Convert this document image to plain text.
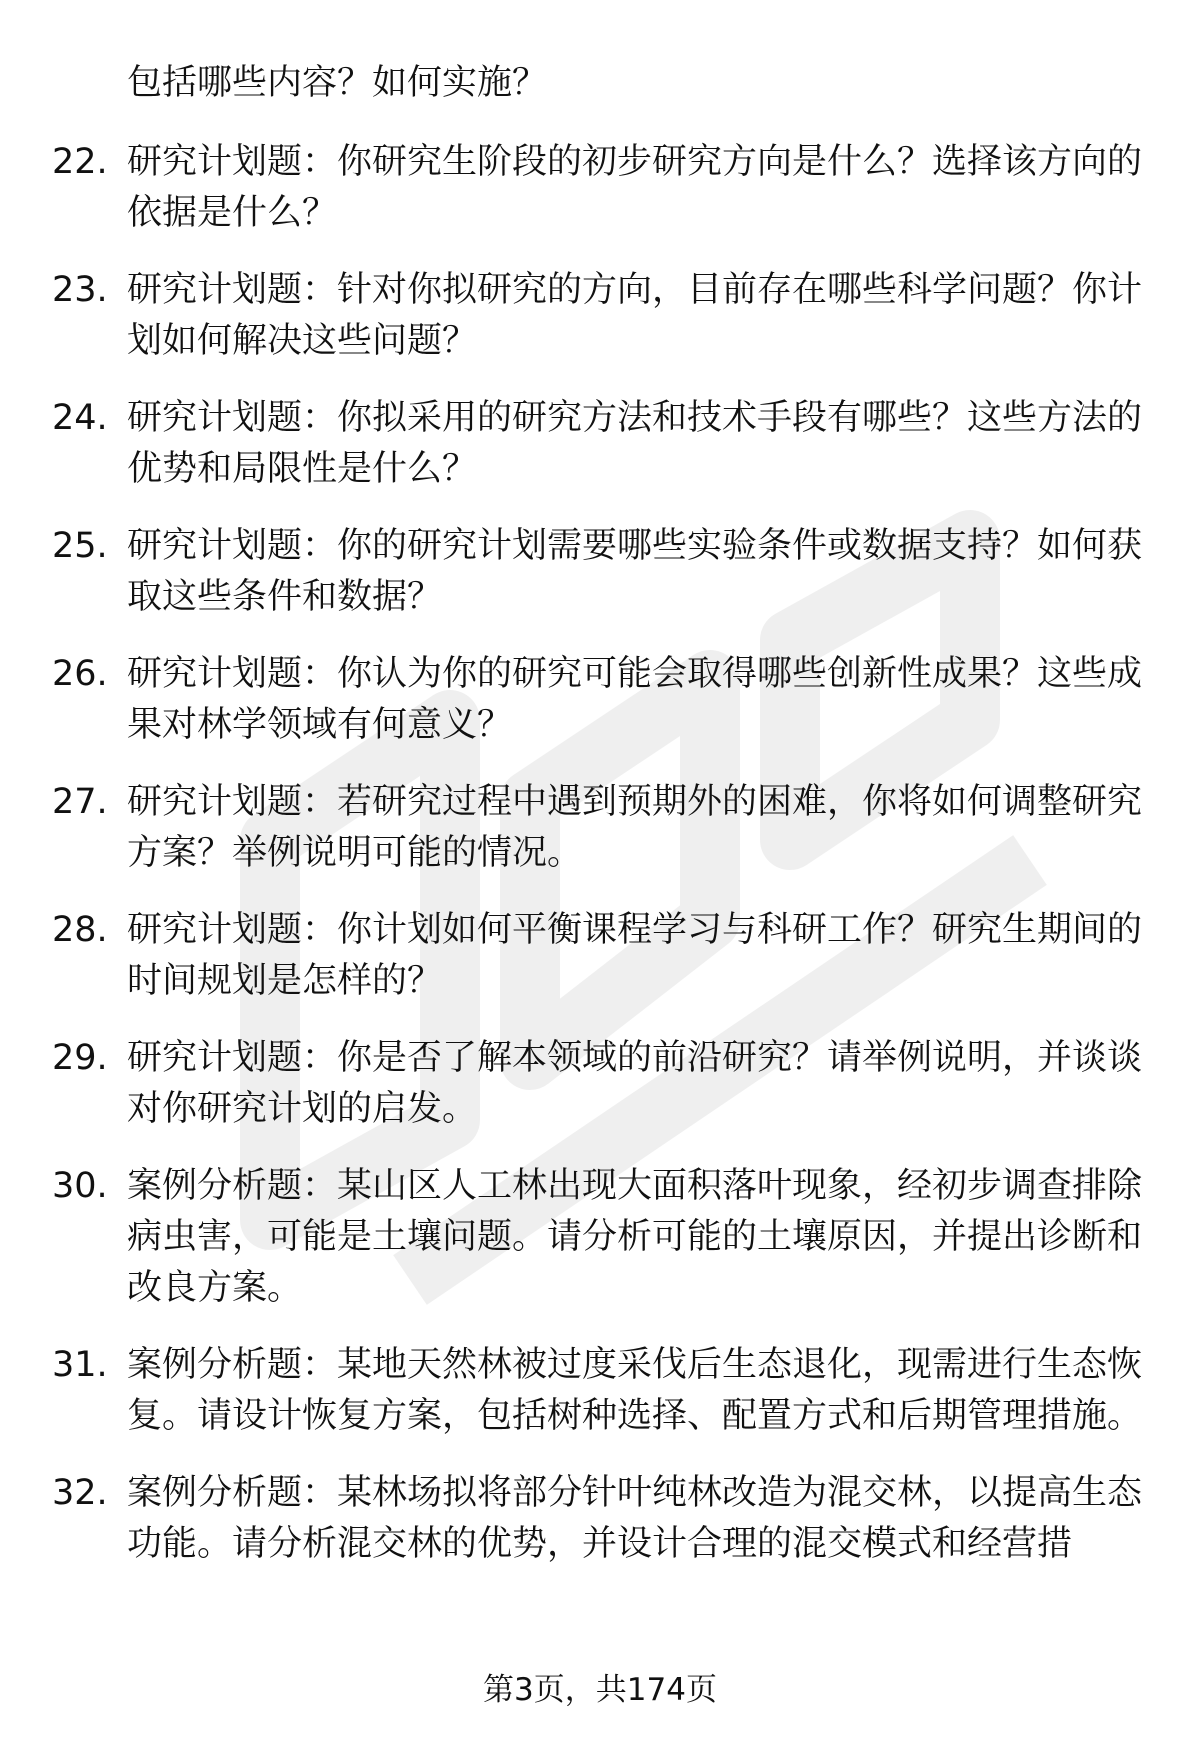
包括哪些内容？如何实施？
22. 研究计划题：你研究生阶段的初步研究方向是什么？选择该方向的依据是什么？
23. 研究计划题：针对你拟研究的方向，目前存在哪些科学问题？你计划如何解决这些问题？
24. 研究计划题：你拟采用的研究方法和技术手段有哪些？这些方法的优势和局限性是什么？
25. 研究计划题：你的研究计划需要哪些实验条件或数据支持？如何获取这些条件和数据？
26. 研究计划题：你认为你的研究可能会取得哪些创新性成果？这些成果对林学领域有何意义？
27. 研究计划题：若研究过程中遇到预期外的困难，你将如何调整研究方案？举例说明可能的情况。
28. 研究计划题：你计划如何平衡课程学习与科研工作？研究生期间的时间规划是怎样的？
29. 研究计划题：你是否了解本领域的前沿研究？请举例说明，并谈谈对你研究计划的启发。
30. 案例分析题：某山区人工林出现大面积落叶现象，经初步调查排除病虫害，可能是土壤问题。请分析可能的土壤原因，并提出诊断和改良方案。
31. 案例分析题：某地天然林被过度采伐后生态退化，现需进行生态恢复。请设计恢复方案，包括树种选择、配置方式和后期管理措施。
32. 案例分析题：某林场拟将部分针叶纯林改造为混交林，以提高生态功能。请分析混交林的优势，并设计合理的混交模式和经营措
第3页，共174页
